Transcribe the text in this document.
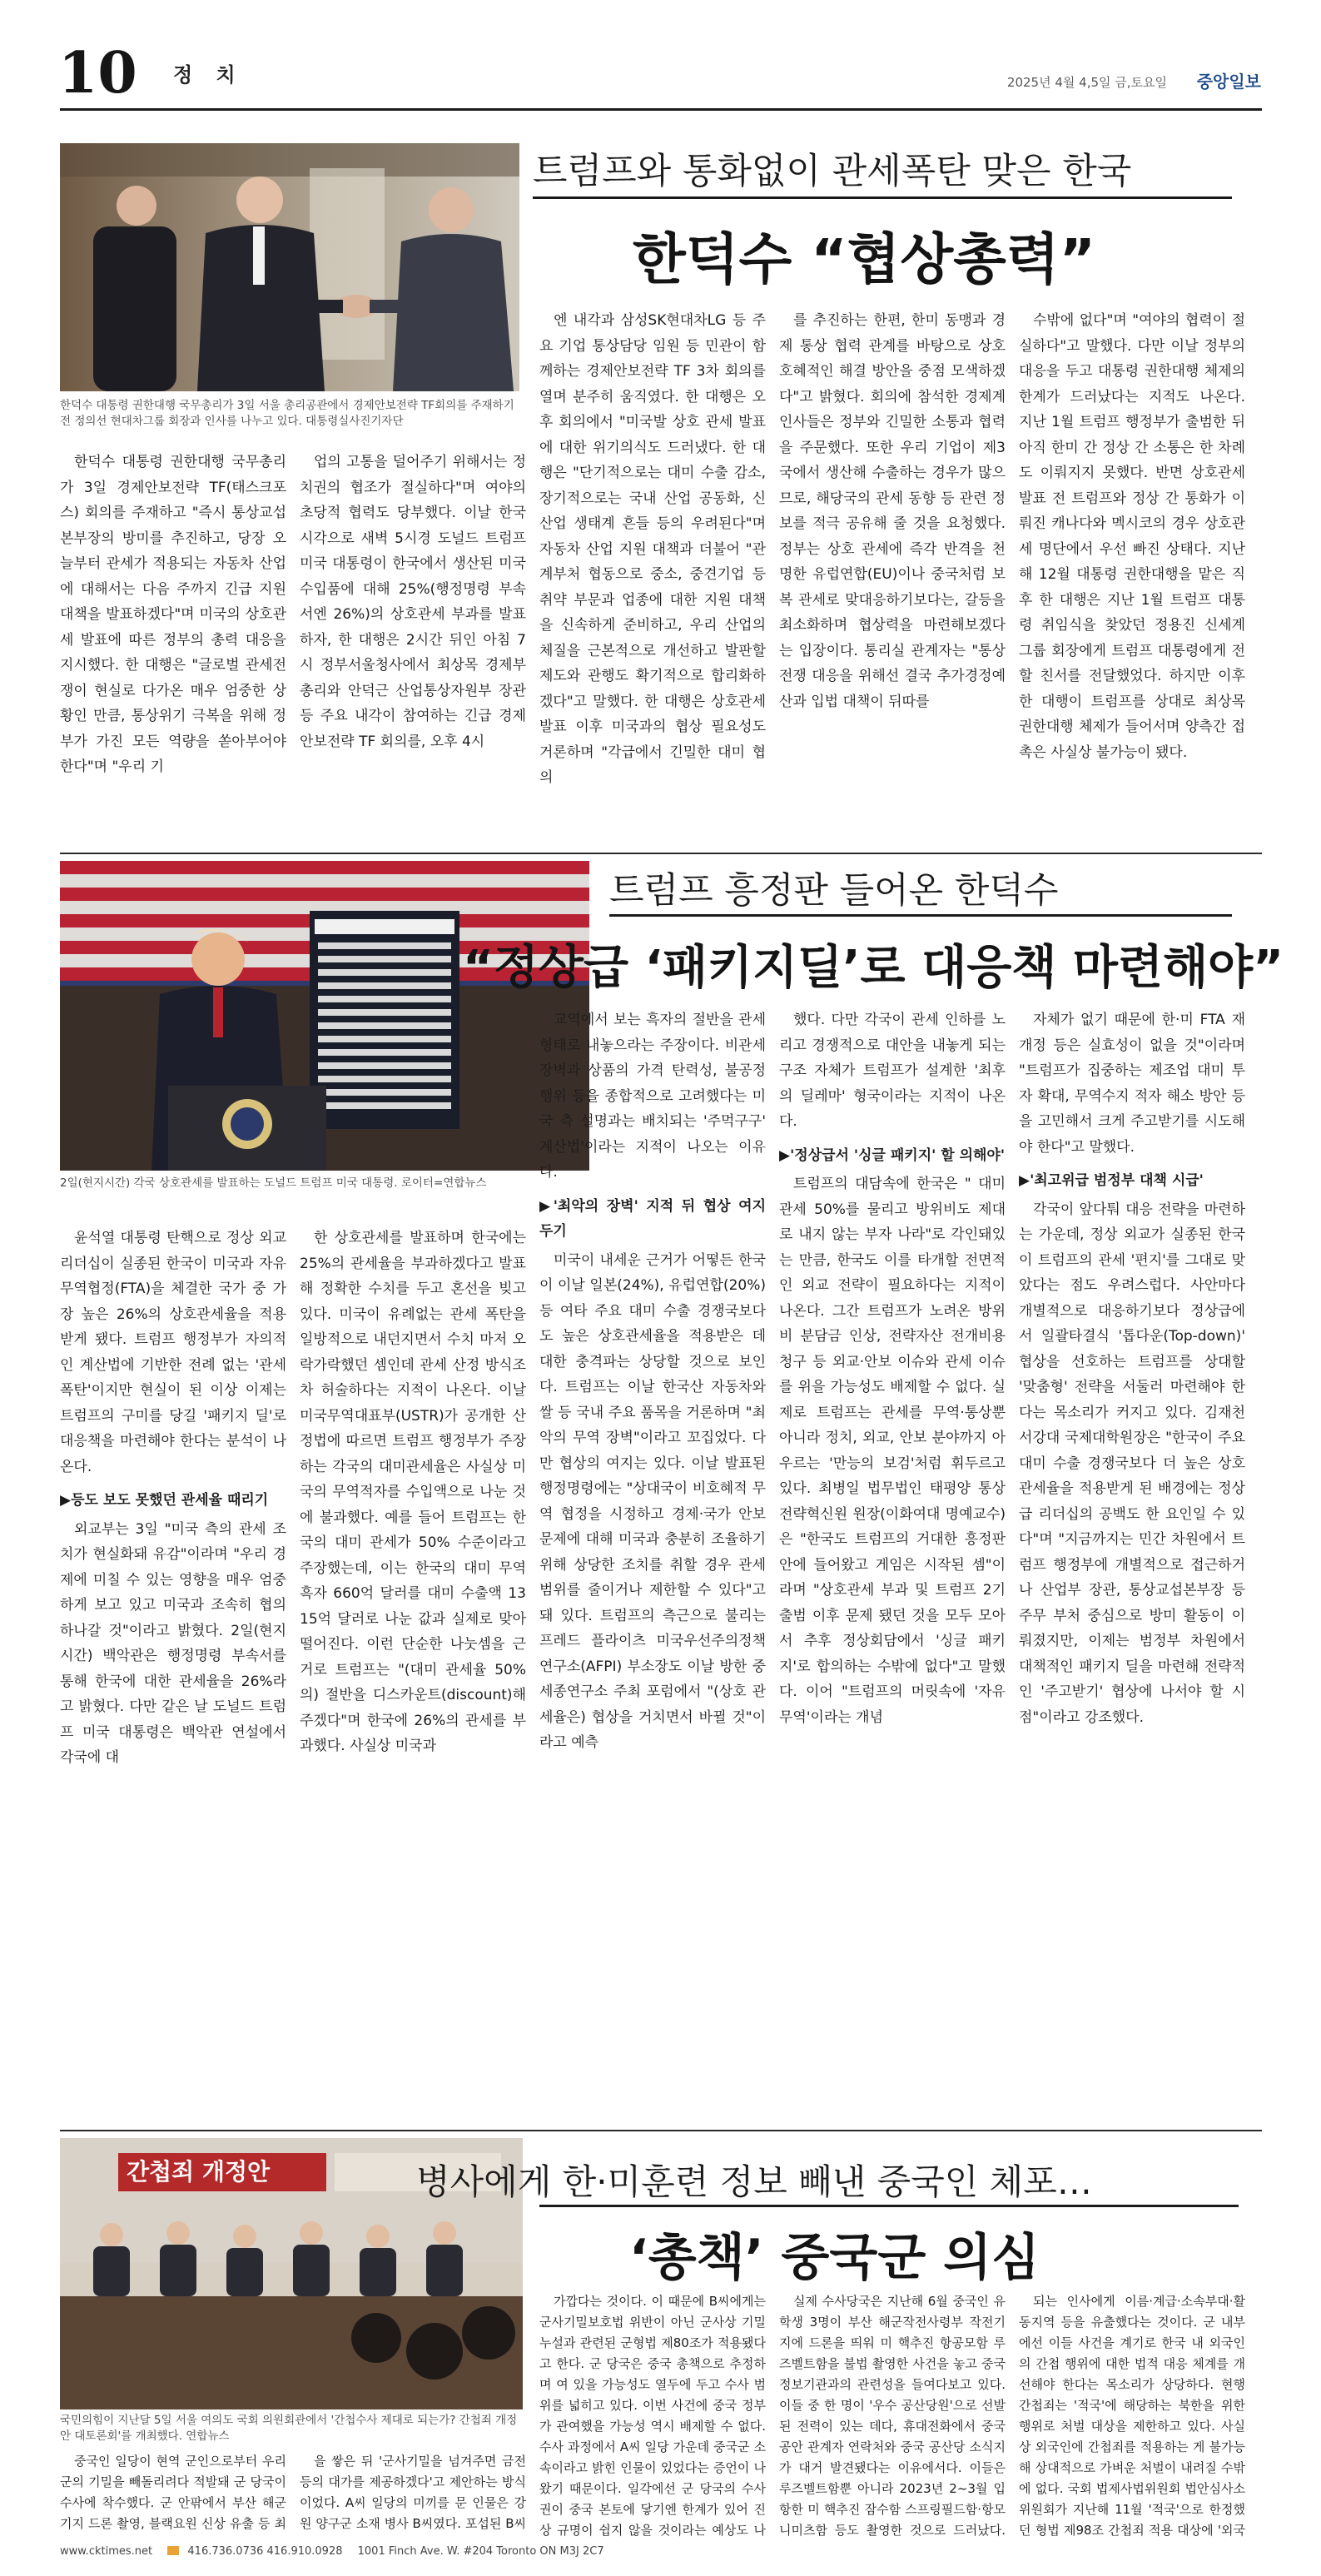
10 정 치	2025년 4월 4,5일 금,토요일 중앙일보
한덕수 대통령 권한대행 국무총리가 3일 서울 총리공관에서 경제안보전략 TF회의를 주재하기 전 정의선 현대차그룹 회장과 인사를 나누고 있다. 대통령실사진기자단
트럼프와 통화없이 관세폭탄 맞은 한국
한덕수 “협상총력”

한덕수 대통령 권한대행 국무총리가 3일 경제안보전략 TF(태스크포스) 회의를 주재하고 "즉시 통상교섭본부장의 방미를 추진하고, 당장 오늘부터 관세가 적용되는 자동차 산업에 대해서는 다음 주까지 긴급 지원대책을 발표하겠다"며 미국의 상호관세 발표에 따른 정부의 총력 대응을 지시했다. 한 대행은 "글로벌 관세전쟁이 현실로 다가온 매우 엄중한 상황인 만큼, 통상위기 극복을 위해 정부가 가진 모든 역량을 쏟아부어야 한다"며 "우리 기

업의 고통을 덜어주기 위해서는 정치권의 협조가 절실하다"며 여야의 초당적 협력도 당부했다. 이날 한국 시각으로 새벽 5시경 도널드 트럼프 미국 대통령이 한국에서 생산된 미국 수입품에 대해 25%(행정명령 부속서엔 26%)의 상호관세 부과를 발표하자, 한 대행은 2시간 뒤인 아침 7시 정부서울청사에서 최상목 경제부총리와 안덕근 산업통상자원부 장관 등 주요 내각이 참여하는 긴급 경제안보전략 TF 회의를, 오후 4시

엔 내각과 삼성SK현대차LG 등 주요 기업 통상담당 임원 등 민관이 함께하는 경제안보전략 TF 3차 회의를 열며 분주히 움직였다. 한 대행은 오후 회의에서 "미국발 상호 관세 발표에 대한 위기의식도 드러냈다. 한 대행은 "단기적으로는 대미 수출 감소, 장기적으로는 국내 산업 공동화, 신산업 생태계 흔들 등의 우려된다"며 자동차 산업 지원 대책과 더불어 "관계부처 협동으로 중소, 중견기업 등 취약 부문과 업종에 대한 지원 대책을 신속하게 준비하고, 우리 산업의 체질을 근본적으로 개선하고 발판할 제도와 관행도 확기적으로 합리화하겠다"고 말했다. 한 대행은 상호관세 발표 이후 미국과의 협상 필요성도 거론하며 "각급에서 긴밀한 대미 협의

를 추진하는 한편, 한미 동맹과 경제 통상 협력 관계를 바탕으로 상호 호혜적인 해결 방안을 중점 모색하겠다"고 밝혔다. 회의에 참석한 경제계 인사들은 정부와 긴밀한 소통과 협력을 주문했다. 또한 우리 기업이 제3국에서 생산해 수출하는 경우가 많으므로, 해당국의 관세 동향 등 관련 정보를 적극 공유해 줄 것을 요청했다. 정부는 상호 관세에 즉각 반격을 천명한 유럽연합(EU)이나 중국처럼 보복 관세로 맞대응하기보다는, 갈등을 최소화하며 협상력을 마련해보겠다는 입장이다. 통리실 관계자는 "통상전쟁 대응을 위해선 결국 추가경정예산과 입법 대책이 뒤따를

수밖에 없다"며 "여야의 협력이 절실하다"고 말했다. 다만 이날 정부의 대응을 두고 대통령 권한대행 체제의 한계가 드러났다는 지적도 나온다. 지난 1월 트럼프 행정부가 출범한 뒤 아직 한미 간 정상 간 소통은 한 차례도 이뤄지지 못했다. 반면 상호관세 발표 전 트럼프와 정상 간 통화가 이뤄진 캐나다와 멕시코의 경우 상호관세 명단에서 우선 빠진 상태다. 지난해 12월 대통령 권한대행을 맡은 직후 한 대행은 지난 1월 트럼프 대통령 취임식을 찾았던 정용진 신세계 그룹 회장에게 트럼프 대통령에게 전할 친서를 전달했었다. 하지만 이후 한 대행이 트럼프를 상대로 최상목 권한대행 체제가 들어서며 양측간 접촉은 사실상 불가능이 됐다.

2일(현지시간) 각국 상호관세를 발표하는 도널드 트럼프 미국 대통령. 로이터=연합뉴스
트럼프 흥정판 들어온 한덕수
“정상급 ‘패키지딜’로 대응책 마련해야”

윤석열 대통령 탄핵으로 정상 외교 리더십이 실종된 한국이 미국과 자유무역협정(FTA)을 체결한 국가 중 가장 높은 26%의 상호관세율을 적용받게 됐다. 트럼프 행정부가 자의적인 계산법에 기반한 전례 없는 '관세 폭탄'이지만 현실이 된 이상 이제는 트럼프의 구미를 당길 '패키지 딜'로 대응책을 마련해야 한다는 분석이 나온다.

▶등도 보도 못했던 관세율 때리기

외교부는 3일 "미국 측의 관세 조치가 현실화돼 유감"이라며 "우리 경제에 미칠 수 있는 영향을 매우 엄중하게 보고 있고 미국과 조속히 협의하나갈 것"이라고 밝혔다. 2일(현지시간) 백악관은 행정명령 부속서를 통해 한국에 대한 관세율을 26%라고 밝혔다. 다만 같은 날 도널드 트럼프 미국 대통령은 백악관 연설에서 각국에 대

한 상호관세를 발표하며 한국에는 25%의 관세율을 부과하겠다고 발표해 정확한 수치를 두고 혼선을 빚고 있다. 미국이 유례없는 관세 폭탄을 일방적으로 내던지면서 수치 마저 오락가락했던 셈인데 관세 산정 방식조차 허술하다는 지적이 나온다. 이날 미국무역대표부(USTR)가 공개한 산정법에 따르면 트럼프 행정부가 주장하는 각국의 대미관세율은 사실상 미국의 무역적자를 수입액으로 나눈 것에 불과했다. 예를 들어 트럼프는 한국의 대미 관세가 50% 수준이라고 주장했는데, 이는 한국의 대미 무역흑자 660억 달러를 대미 수출액 1315억 달러로 나눈 값과 실제로 맞아떨어진다. 이런 단순한 나눗셈을 근거로 트럼프는 "(대미 관세율 50%의) 절반을 디스카운트(discount)해주겠다"며 한국에 26%의 관세를 부과했다. 사실상 미국과

교역에서 보는 흑자의 절반을 관세 형태로 내놓으라는 주장이다. 비관세 장벽과 상품의 가격 탄력성, 불공정 행위 등을 종합적으로 고려했다는 미국 측 설명과는 배치되는 '주먹구구' 계산법'이라는 지적이 나오는 이유다.

▶'최악의 장벽' 지적 뒤 협상 여지 두기

미국이 내세운 근거가 어떻든 한국이 이날 일본(24%), 유럽연합(20%) 등 여타 주요 대미 수출 경쟁국보다도 높은 상호관세율을 적용받은 데 대한 충격파는 상당할 것으로 보인다. 트럼프는 이날 한국산 자동차와 쌀 등 국내 주요 품목을 거론하며 "최악의 무역 장벽"이라고 꼬집었다. 다만 협상의 여지는 있다. 이날 발표된 행정명령에는 "상대국이 비호혜적 무역 협정을 시정하고 경제·국가 안보 문제에 대해 미국과 충분히 조율하기 위해 상당한 조치를 취할 경우 관세 범위를 줄이거나 제한할 수 있다"고 돼 있다. 트럼프의 측근으로 불리는 프레드 플라이츠 미국우선주의정책연구소(AFPI) 부소장도 이날 방한 중 세종연구소 주최 포럼에서 "(상호 관세율은) 협상을 거치면서 바뀔 것"이라고 예측

했다. 다만 각국이 관세 인하를 노리고 경쟁적으로 대안을 내놓게 되는 구조 자체가 트럼프가 설계한 '최후의 딜레마' 형국이라는 지적이 나온다.

▶'정상급서 '싱글 패키지' 할 의해야'

트럼프의 대담속에 한국은 " 대미 관세 50%를 물리고 방위비도 제대로 내지 않는 부자 나라"로 각인돼있는 만큼, 한국도 이를 타개할 전면적인 외교 전략이 필요하다는 지적이 나온다. 그간 트럼프가 노려온 방위비 분담금 인상, 전략자산 전개비용 청구 등 외교·안보 이슈와 관세 이슈를 위을 가능성도 배제할 수 없다. 실제로 트럼프는 관세를 무역·통상뿐 아니라 정치, 외교, 안보 분야까지 아우르는 '만능의 보검'처럼 휘두르고 있다. 최병일 법무법인 태평양 통상전략혁신원 원장(이화여대 명예교수)은 "한국도 트럼프의 거대한 흥정판 안에 들어왔고 게임은 시작된 셈"이라며 "상호관세 부과 및 트럼프 2기 출범 이후 문제 됐던 것을 모두 모아서 추후 정상회담에서 '싱글 패키지'로 합의하는 수밖에 없다"고 말했다. 이어 "트럼프의 머릿속에 '자유 무역'이라는 개념

자체가 없기 때문에 한·미 FTA 재개정 등은 실효성이 없을 것"이라며 "트럼프가 집중하는 제조업 대미 투자 확대, 무역수지 적자 해소 방안 등을 고민해서 크게 주고받기를 시도해야 한다"고 말했다.

▶'최고위급 범정부 대책 시급'

각국이 앞다퉈 대응 전략을 마련하는 가운데, 정상 외교가 실종된 한국이 트럼프의 관세 '편지'를 그대로 맞았다는 점도 우려스럽다. 사안마다 개별적으로 대응하기보다 정상급에서 일괄타결식 '톱다운(Top-down)' 협상을 선호하는 트럼프를 상대할 '맞춤형' 전략을 서둘러 마련해야 한다는 목소리가 커지고 있다. 김재천 서강대 국제대학원장은 "한국이 주요 대미 수출 경쟁국보다 더 높은 상호관세율을 적용받게 된 배경에는 정상급 리더십의 공백도 한 요인일 수 있다"며 "지금까지는 민간 차원에서 트럼프 행정부에 개별적으로 접근하거나 산업부 장관, 통상교섭본부장 등 주무 부처 중심으로 방미 활동이 이뤄졌지만, 이제는 범정부 차원에서 대책적인 패키지 딜을 마련해 전략적인 '주고받기' 협상에 나서야 할 시점"이라고 강조했다.

간첩죄 개정안
국민의힘이 지난달 5일 서울 여의도 국회 의원회관에서 '간첩수사 제대로 되는가? 간첩죄 개정안 대토론회'를 개최했다. 연합뉴스
병사에게 한·미훈련 정보 빼낸 중국인 체포…
‘총책’ 중국군 의심

중국인 일당이 현역 군인으로부터 우리 군의 기밀을 빼돌리려다 적발돼 군 당국이 수사에 착수했다. 군 안팎에서 부산 해군기지 드론 촬영, 블랙요원 신상 유출 등 최

을 쌓은 뒤 '군사기밀을 넘겨주면 금전 등의 대가를 제공하겠다'고 제안하는 방식이었다. A씨 일당의 미끼를 문 인물은 강원 양구군 소재 병사 B씨였다. 포섭된 B씨

가깝다는 것이다. 이 때문에 B씨에게는 군사기밀보호법 위반이 아닌 군사상 기밀 누설과 관련된 군형법 제80조가 적용됐다고 한다. 군 당국은 중국 총책으로 추정하며 여 있을 가능성도 열두에 두고 수사 범위를 넓히고 있다. 이번 사건에 중국 정부가 관여했을 가능성 역시 배제할 수 없다. 수사 과정에서 A씨 일당 가운데 중국군 소속이라고 밝힌 인물이 있었다는 증언이 나왔기 때문이다. 일각에선 군 당국의 수사권이 중국 본토에 닿기엔 한계가 있어 진상 규명이 쉽지 않을 것이라는 예상도 나

실제 수사당국은 지난해 6월 중국인 유학생 3명이 부산 해군작전사령부 작전기지에 드론을 띄워 미 핵추진 항공모함 루즈벨트함을 불법 촬영한 사건을 놓고 중국 정보기관과의 관련성을 들여다보고 있다. 이들 중 한 명이 '우수 공산당원'으로 선발된 전력이 있는 데다, 휴대전화에서 중국 공안 관계자 연락처와 중국 공산당 소식지가 대거 발견됐다는 이유에서다. 이들은 루즈벨트함뿐 아니라 2023년 2~3월 입항한 미 핵추진 잠수함 스프링필드함·항모 니미츠함 등도 촬영한 것으로 드러났다.

되는 인사에게 이름·계급·소속부대·활동지역 등을 유출했다는 것이다. 군 내부에선 이들 사건을 계기로 한국 내 외국인의 간첩 행위에 대한 법적 대응 체계를 개선해야 한다는 목소리가 상당하다. 현행 간첩죄는 '적국'에 해당하는 북한을 위한 행위로 처벌 대상을 제한하고 있다. 사실상 외국인에 간첩죄를 적용하는 게 불가능해 상대적으로 가벼운 처벌이 내려질 수밖에 없다. 국회 법제사법위원회 법안심사소위원회가 지난해 11월 '적국'으로 한정했던 형법 제98조 간첩죄 적용 대상에 '외국

www.cktimes.net	416.736.0736 416.910.0928 1001 Finch Ave. W. #204 Toronto ON M3J 2C7
